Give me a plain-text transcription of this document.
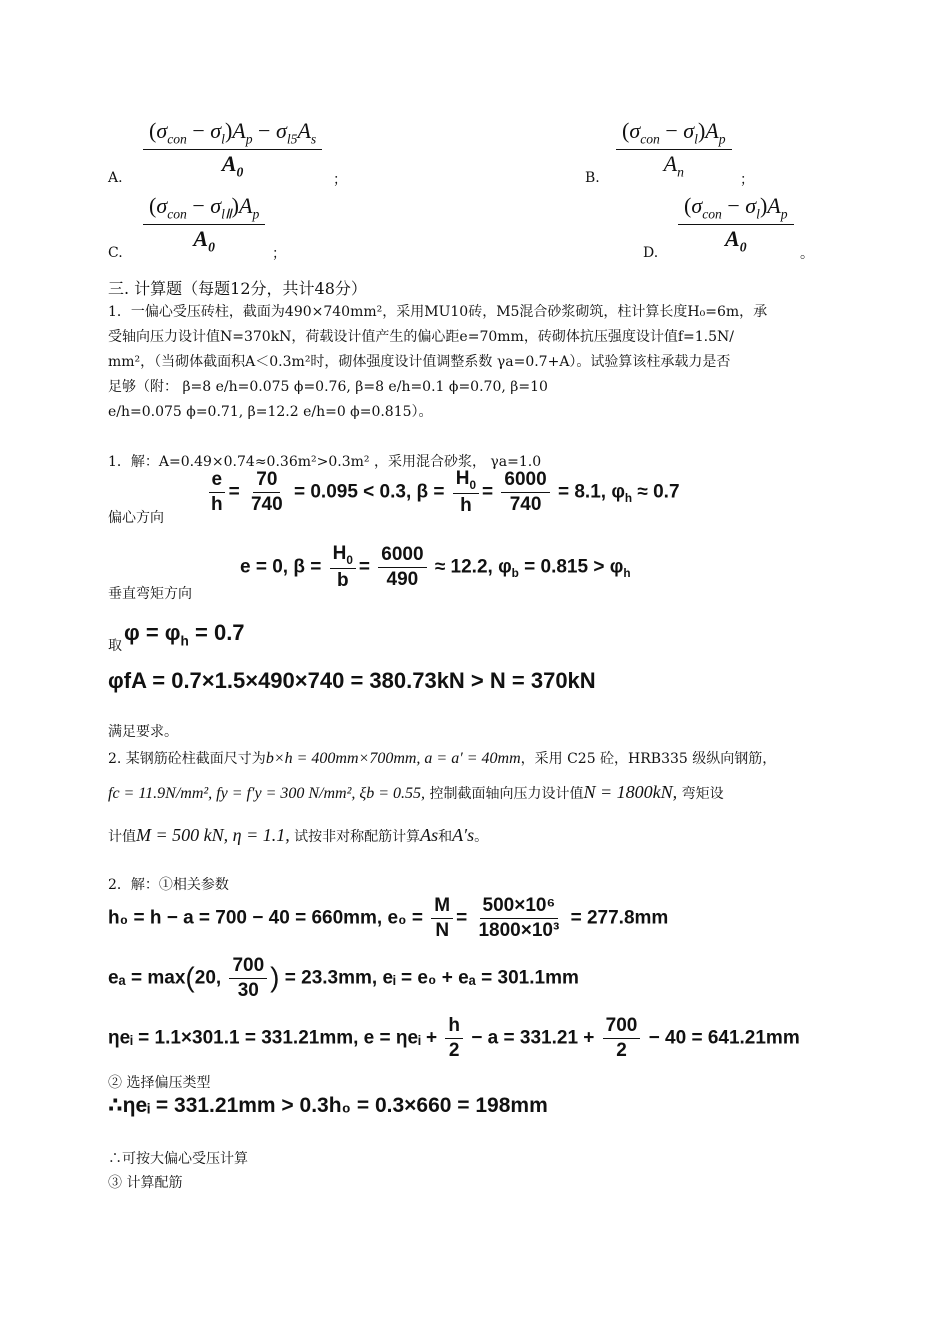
A. $\frac{(\sigma_{con} - \sigma_l)A_p - \sigma_{l5}A_s}{A_0}$ ；	B. $\frac{(\sigma_{con} - \sigma_l)A_p}{A_n}$ ；
C. $\frac{(\sigma_{con} - \sigma_{lⅡ})A_p}{A_0}$ ；	D. $\frac{(\sigma_{con} - \sigma_l)A_p}{A_0}$ 。
三. 计算题（每题12分，共计48分）
1．一偏心受压砖柱，截面为490×740mm²，采用MU10砖，M5混合砂浆砌筑，柱计算长度H₀=6m，承
受轴向压力设计值N=370kN，荷载设计值产生的偏心距e=70mm，砖砌体抗压强度设计值f=1.5N/
mm²，（当砌体截面积A＜0.3m²时，砌体强度设计值调整系数 γa=0.7+A）。试验算该柱承载力是否
足够（附： β=8 e/h=0.075 ϕ=0.76, β=8 e/h=0.1 ϕ=0.70, β=10
e/h=0.075 ϕ=0.71, β=12.2 e/h=0 ϕ=0.815）。
1．解：A=0.49×0.74≈0.36m²>0.3m² ，采用混合砂浆， γa=1.0
偏心方向
$\frac{e}{h} = \frac{70}{740} = 0.095 < 0.3$, $\beta = \frac{H_0}{h} = \frac{6000}{740} = 8.1$, $\varphi_h \approx 0.7$
垂直弯矩方向
e = 0, $\beta = \frac{H_0}{b} = \frac{6000}{490} \approx 12.2$, $\varphi_b = 0.815 > \varphi_h$
取
$\varphi = \varphi_h = 0.7$
φfA = 0.7×1.5×490×740 = 380.73kN > N = 370kN
满足要求。
2. 某钢筋砼柱截面尺寸为b×h = 400mm×700mm, a = a′ = 40mm，采用 C25 砼，HRB335 级纵向钢筋，
fc = 11.9N/mm², fy = f′y = 300 N/mm², ξb = 0.55, 控制截面轴向压力设计值N = 1800kN, 弯矩设
计值M = 500 kN, η = 1.1, 试按非对称配筋计算As和A′s。
2．解：①相关参数
h₀ = h − a = 700 − 40 = 660mm, $e_0 = \frac{M}{N} = \frac{\text{500×10⁶}}{\text{1800×10³}} = 277.8mm$
eₐ = max(20, $\frac{700}{30}$ ) = 23.3mm, eᵢ = e₀ + eₐ = 301.1mm
ηeᵢ = 1.1×301.1 = 331.21mm, e = ηeᵢ + $\frac{h}{2} - a = 331.21 + \frac{700}{2} - 40 = 641.21mm$
② 选择偏压类型
∴ηeᵢ = 331.21mm > 0.3h₀ = 0.3×660 = 198mm
∴可按大偏心受压计算
③ 计算配筋
